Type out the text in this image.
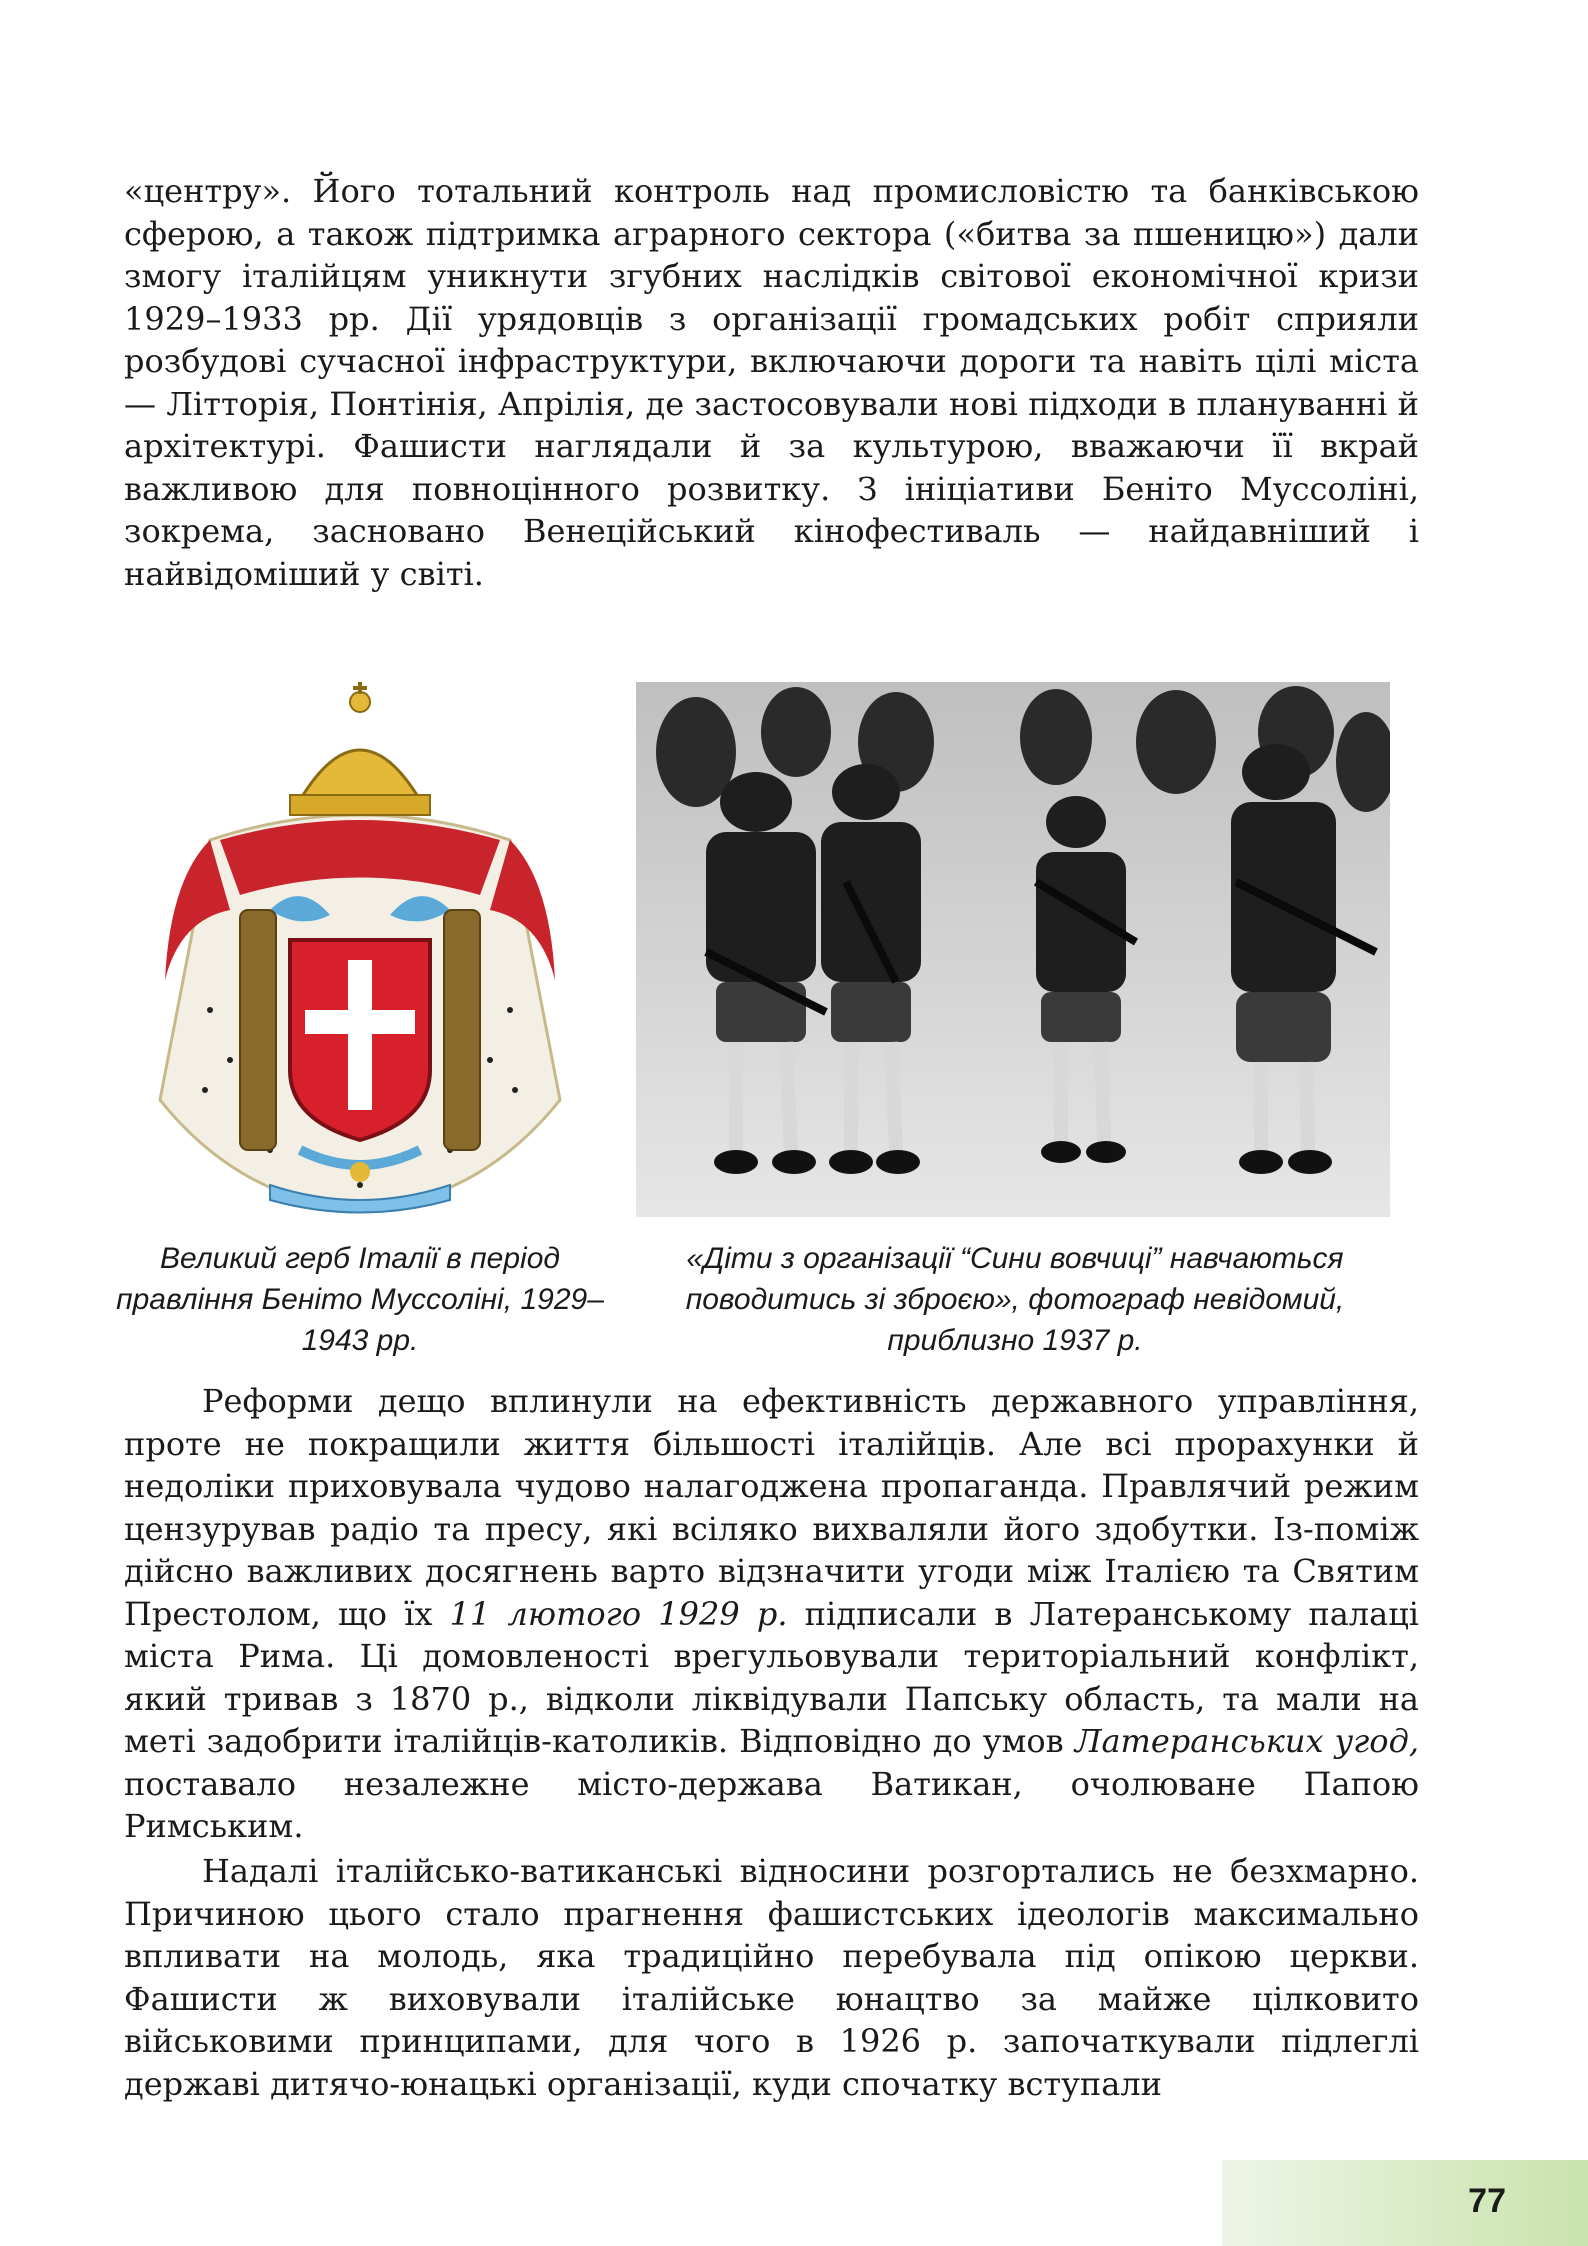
«центру». Його тотальний контроль над промисловістю та банківською сферою, а також підтримка аграрного сектора («битва за пшеницю») дали змогу італійцям уникнути згубних наслідків світової економічної кризи 1929–1933 рр. Дії урядовців з організації громадських робіт сприяли розбудові сучасної інфраструктури, включаючи дороги та навіть цілі міста — Літторія, Понтінія, Апрілія, де застосовували нові підходи в плануванні й архітектурі. Фашисти наглядали й за культурою, вважаючи її вкрай важливою для повноцінного розвитку. З ініціативи Беніто Муссоліні, зокрема, засновано Венеційський кінофестиваль — найдавніший і найвідоміший у світі.

Великий герб Італії в період правління Беніто Муссоліні, 1929–1943 рр.

«Діти з організації “Сини вовчиці” навчаються поводитись зі зброєю», фотограф невідомий, приблизно 1937 р.

Реформи дещо вплинули на ефективність державного управління, проте не покращили життя більшості італійців. Але всі прорахунки й недоліки приховувала чудово налагоджена пропаганда. Правлячий режим цензурував радіо та пресу, які всіляко вихваляли його здобутки. Із-поміж дійсно важливих досягнень варто відзначити угоди між Італією та Святим Престолом, що їх 11 лютого 1929 р. підписали в Латеранському палаці міста Рима. Ці домовленості врегульовували територіальний конфлікт, який тривав з 1870 р., відколи ліквідували Папську область, та мали на меті задобрити італійців-католиків. Відповідно до умов Латеранських угод, поставало незалежне місто-держава Ватикан, очолюване Папою Римським.

Надалі італійсько-ватиканські відносини розгортались не безхмарно. Причиною цього стало прагнення фашистських ідеологів максимально впливати на молодь, яка традиційно перебувала під опікою церкви. Фашисти ж виховували італійське юнацтво за майже цілковито військовими принципами, для чого в 1926 р. започаткували підлеглі державі дитячо-юнацькі організації, куди спочатку вступали

77
